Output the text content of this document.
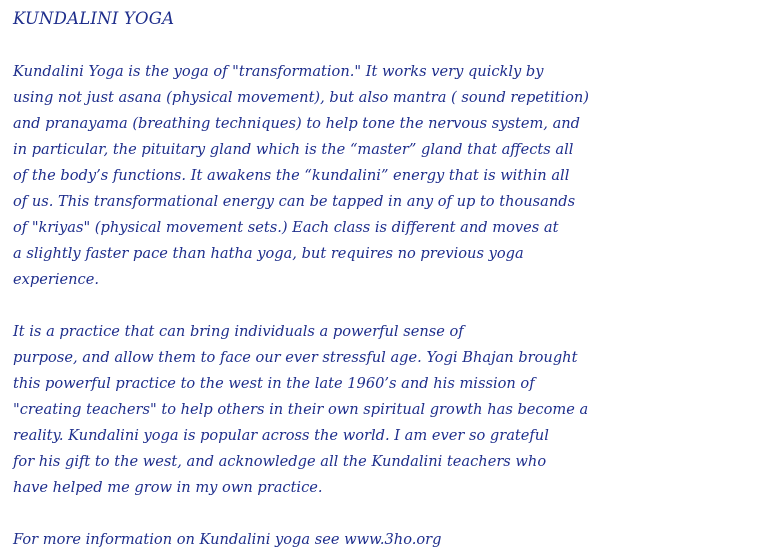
KUNDALINI YOGA
Kundalini Yoga is the yoga of "transformation." It works very quickly by
using not just asana (physical movement), but also mantra ( sound repetition)
and pranayama (breathing techniques) to help tone the nervous system, and
in particular, the pituitary gland which is the “master” gland that affects all
of the body’s functions. It awakens the “kundalini” energy that is within all
of us. This transformational energy can be tapped in any of up to thousands
of "kriyas" (physical movement sets.) Each class is different and moves at
a slightly faster pace than hatha yoga, but requires no previous yoga
experience.
It is a practice that can bring individuals a powerful sense of
purpose, and allow them to face our ever stressful age. Yogi Bhajan brought
this powerful practice to the west in the late 1960’s and his mission of
"creating teachers" to help others in their own spiritual growth has become a
reality. Kundalini yoga is popular across the world. I am ever so grateful
for his gift to the west, and acknowledge all the Kundalini teachers who
have helped me grow in my own practice.
For more information on Kundalini yoga see www.3ho.org
